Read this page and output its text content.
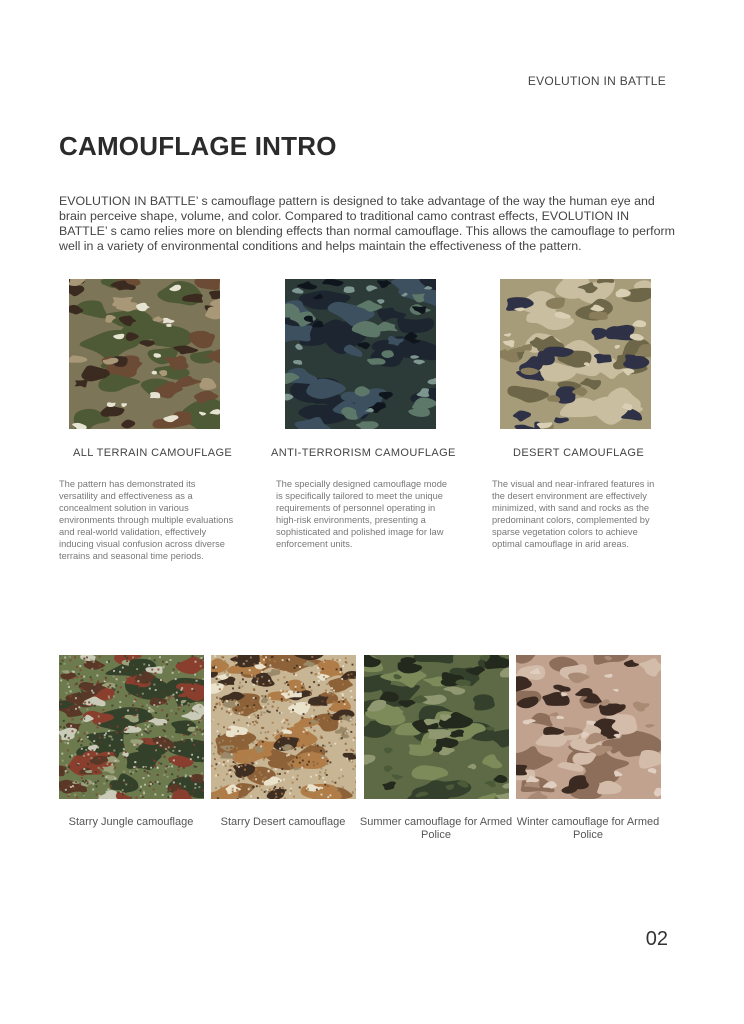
EVOLUTION IN BATTLE
CAMOUFLAGE INTRO

EVOLUTION IN BATTLE’ s camouflage pattern is designed to take advantage of the way the human eye and brain perceive shape, volume, and color. Compared to traditional camo contrast effects, EVOLUTION IN BATTLE’ s camo relies more on blending effects than normal camouflage. This allows the camouflage to perform well in a variety of environmental conditions and helps maintain the effectiveness of the pattern.

ALL TERRAIN CAMOUFLAGE	ANTI-TERRORISM CAMOUFLAGE	DESERT CAMOUFLAGE

The pattern has demonstrated its versatility and effectiveness as a concealment solution in various environments through multiple evaluations and real-world validation, effectively inducing visual confusion across diverse terrains and seasonal time periods.

The specially designed camouflage mode is specifically tailored to meet the unique requirements of personnel operating in high-risk environments, presenting a sophisticated and polished image for law enforcement units.

The visual and near-infrared features in the desert environment are effectively minimized, with sand and rocks as the predominant colors, complemented by sparse vegetation colors to achieve optimal camouflage in arid areas.

Starry Jungle camouflage	Starry Desert camouflage	Summer camouflage for Armed Police
Winter camouflage for Armed Police
02
